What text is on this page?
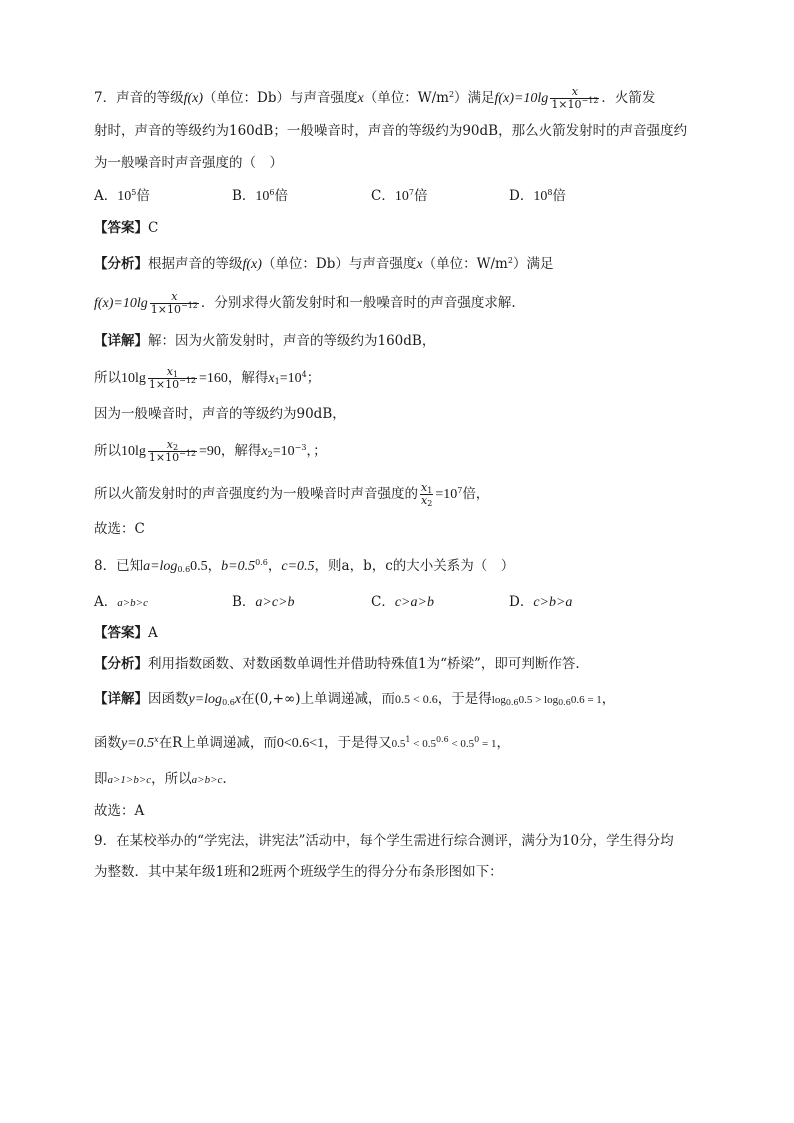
7．声音的等级f(x)（单位：Db）与声音强度x（单位：$W/m^2$）满足$f(x)=10\lg \frac{x}{1\times 10^{-12}}$ ．火箭发
射时，声音的等级约为160dB；一般噪音时，声音的等级约为90dB，那么火箭发射时的声音强度约
为一般噪音时声音强度的（　）
A．$10^5$倍	B．$10^6$倍	C．$10^7$倍	D．$10^8$倍
【答案】C
【分析】根据声音的等级f(x)（单位：Db）与声音强度x（单位：$W/m^2$）满足
$f(x)=10\lg \frac{x}{1\times 10^{-12}}$ ．分别求得火箭发射时和一般噪音时的声音强度求解.
【详解】解：因为火箭发射时，声音的等级约为160dB，
所以$10\lg \frac{x_1}{1\times 10^{-12}} =160$，解得$x_1=10^4$；
因为一般噪音时，声音的等级约为90dB，
所以$10\lg \frac{x_2}{1\times 10^{-12}} =90$，解得$x_2=10^{-3}$，；
所以火箭发射时的声音强度约为一般噪音时声音强度的 $\frac{x_1}{x_2} =10^7$倍，
故选：C
8．已知$a=\log_{0.6}0.5$，$b=0.5^{0.6}$，c=0.5，则a，b，c的大小关系为（　）
A．a>b>c	B．a>c>b	C．c>a>b	D．c>b>a
【答案】A
【分析】利用指数函数、对数函数单调性并借助特殊值1为“桥梁”，即可判断作答.
【详解】因函数$y=\log_{0.6}x$在(0,+∞)上单调递减，而0.5 < 0.6，于是得$\log_{0.6}0.5 > \log_{0.6}0.6 = 1$，
函数$y=0.5^x$在R上单调递减，而0<0.6<1，于是得又$0.5^1 < 0.5^{0.6} < 0.5^0 = 1$，
即a>1>b>c，所以a>b>c.
故选：A
9．在某校举办的“学宪法，讲宪法”活动中，每个学生需进行综合测评，满分为10分，学生得分均
为整数．其中某年级1班和2班两个班级学生的得分分布条形图如下：
